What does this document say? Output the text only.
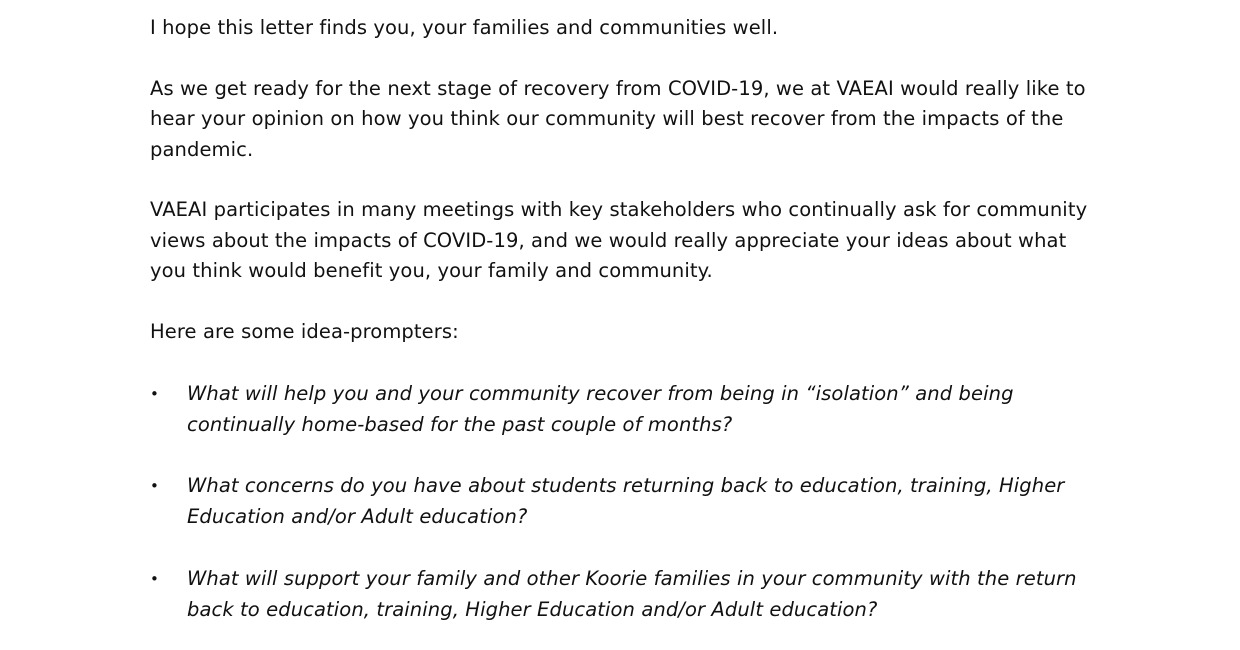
I hope this letter finds you, your families and communities well.

As we get ready for the next stage of recovery from COVID-19, we at VAEAI would really like to hear your opinion on how you think our community will best recover from the impacts of the pandemic.

VAEAI participates in many meetings with key stakeholders who continually ask for community views about the impacts of COVID-19, and we would really appreciate your ideas about what you think would benefit you, your family and community.

Here are some idea-prompters:

• What will help you and your community recover from being in “isolation” and being continually home-based for the past couple of months?
• What concerns do you have about students returning back to education, training, Higher Education and/or Adult education?
• What will support your family and other Koorie families in your community with the return back to education, training, Higher Education and/or Adult education?
